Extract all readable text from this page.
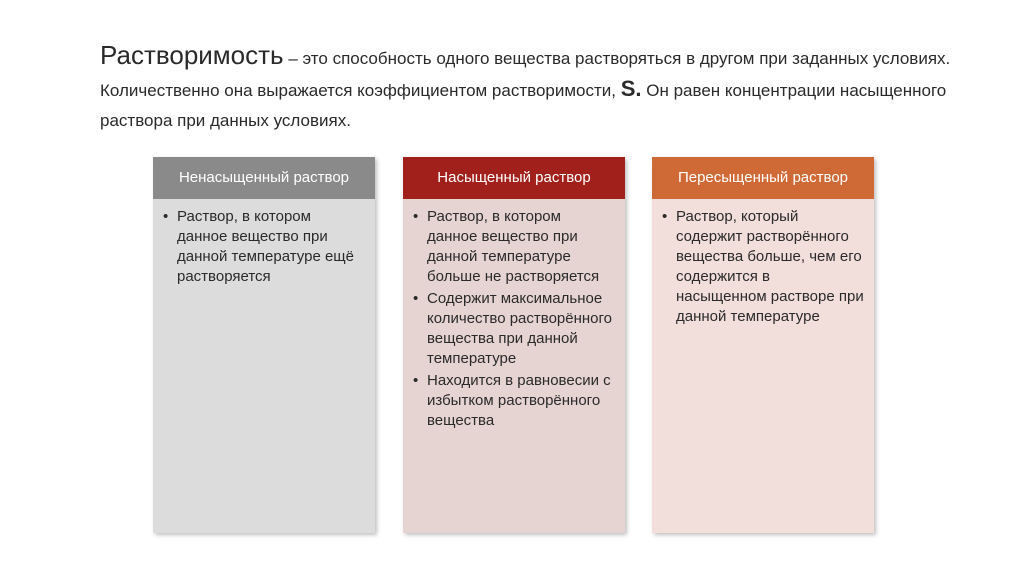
Растворимость – это способность одного вещества растворяться в другом при заданных условиях. Количественно она выражается коэффициентом растворимости, S. Он равен концентрации насыщенного раствора при данных условиях.
Ненасыщенный раствор
• Раствор, в котором данное вещество при данной температуре ещё растворяется
Насыщенный раствор
• Раствор, в котором данное вещество при данной температуре больше не растворяется
• Содержит максимальное количество растворённого вещества при данной температуре
• Находится в равновесии с избытком растворённого вещества
Пересыщенный раствор
• Раствор, который содержит растворённого вещества больше, чем его содержится в насыщенном растворе при данной температуре
